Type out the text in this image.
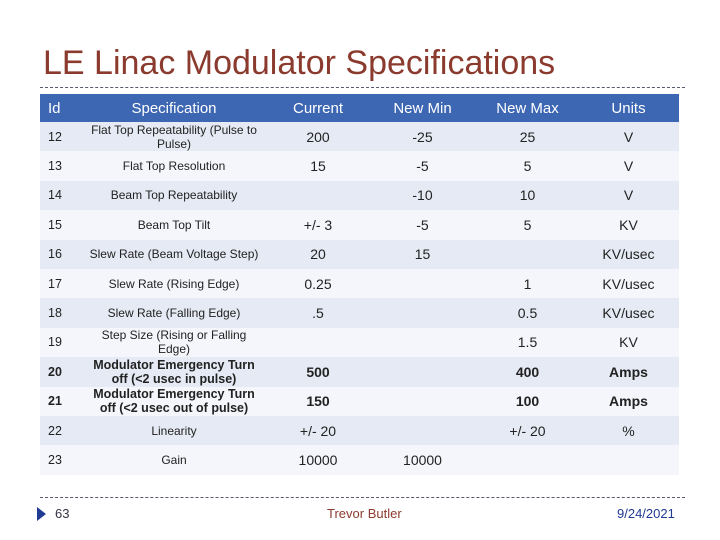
LE Linac Modulator Specifications
Id	Specification	Current	New Min	New Max	Units
12	Flat Top Repeatability (Pulse to Pulse)	200	-25	25	V
13	Flat Top Resolution	15	-5	5	V
14	Beam Top Repeatability		-10	10	V
15	Beam Top Tilt	+/- 3	-5	5	KV
16	Slew Rate (Beam Voltage Step)	20	15		KV/usec
17	Slew Rate (Rising Edge)	0.25		1	KV/usec
18	Slew Rate (Falling Edge)	.5		0.5	KV/usec
19	Step Size (Rising or Falling Edge)			1.5	KV
20	Modulator Emergency Turn off (<2 usec in pulse)	500		400	Amps
21	Modulator Emergency Turn off (<2 usec out of pulse)	150		100	Amps
22	Linearity	+/- 20		+/- 20	%
23	Gain	10000	10000		
63	Trevor Butler	9/24/2021
